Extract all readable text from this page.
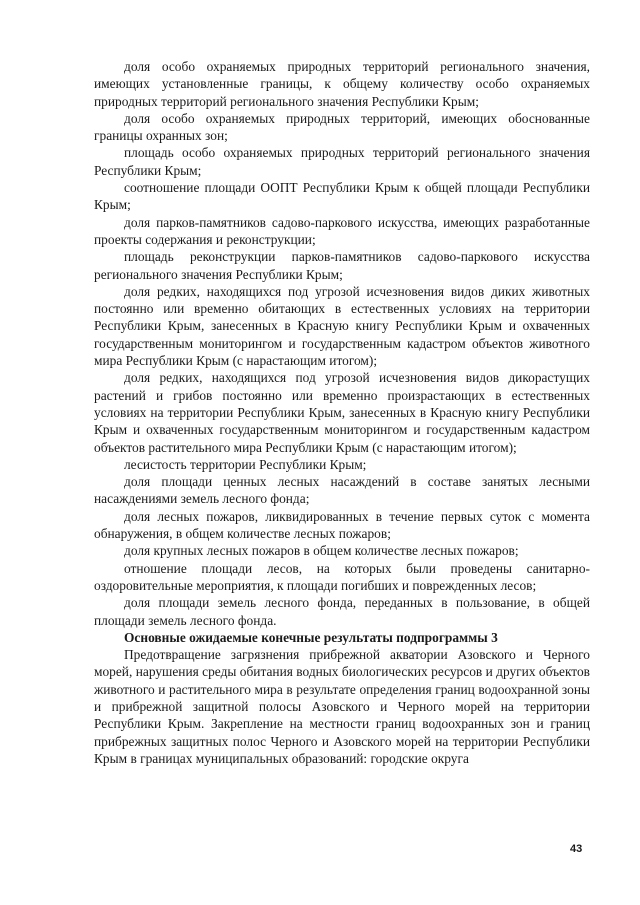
доля особо охраняемых природных территорий регионального значения, имеющих установленные границы, к общему количеству особо охраняемых природных территорий регионального значения Республики Крым;

доля особо охраняемых природных территорий, имеющих обоснованные границы охранных зон;

площадь особо охраняемых природных территорий регионального значения Республики Крым;

соотношение площади ООПТ Республики Крым к общей площади Республики Крым;

доля парков-памятников садово-паркового искусства, имеющих разработанные проекты содержания и реконструкции;

площадь реконструкции парков-памятников садово-паркового искусства регионального значения Республики Крым;

доля редких, находящихся под угрозой исчезновения видов диких животных постоянно или временно обитающих в естественных условиях на территории Республики Крым, занесенных в Красную книгу Республики Крым и охваченных государственным мониторингом и государственным кадастром объектов животного мира Республики Крым (с нарастающим итогом);

доля редких, находящихся под угрозой исчезновения видов дикорастущих растений и грибов постоянно или временно произрастающих в естественных условиях на территории Республики Крым, занесенных в Красную книгу Республики Крым и охваченных государственным мониторингом и государственным кадастром объектов растительного мира Республики Крым (с нарастающим итогом);

лесистость территории Республики Крым;

доля площади ценных лесных насаждений в составе занятых лесными насаждениями земель лесного фонда;

доля лесных пожаров, ликвидированных в течение первых суток с момента обнаружения, в общем количестве лесных пожаров;

доля крупных лесных пожаров в общем количестве лесных пожаров;

отношение площади лесов, на которых были проведены санитарно-оздоровительные мероприятия, к площади погибших и поврежденных лесов;

доля площади земель лесного фонда, переданных в пользование, в общей площади земель лесного фонда.

Основные ожидаемые конечные результаты подпрограммы 3

Предотвращение загрязнения прибрежной акватории Азовского и Черного морей, нарушения среды обитания водных биологических ресурсов и других объектов животного и растительного мира в результате определения границ водоохранной зоны и прибрежной защитной полосы Азовского и Черного морей на территории Республики Крым. Закрепление на местности границ водоохранных зон и границ прибрежных защитных полос Черного и Азовского морей на территории Республики Крым в границах муниципальных образований: городские округа

43
